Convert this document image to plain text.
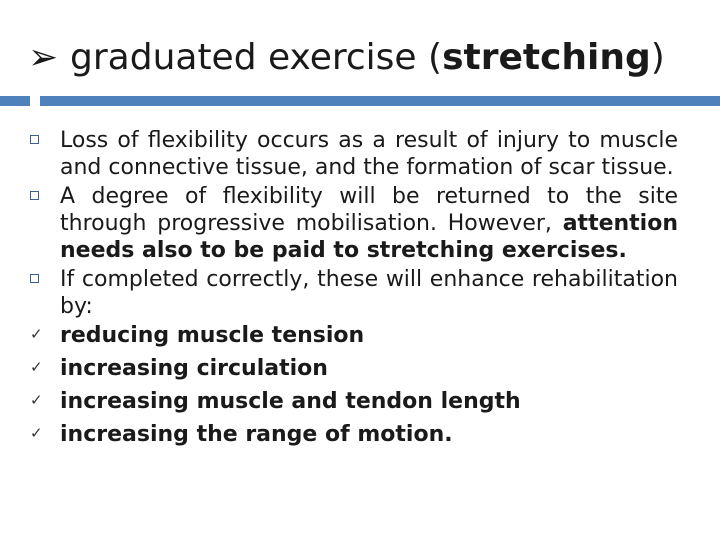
➢ graduated exercise (stretching)
Loss of flexibility occurs as a result of injury to muscle and connective tissue, and the formation of scar tissue.
A degree of flexibility will be returned to the site through progressive mobilisation. However, attention needs also to be paid to stretching exercises.
If completed correctly, these will enhance rehabilitation by:
✓ reducing muscle tension
✓ increasing circulation
✓ increasing muscle and tendon length
✓ increasing the range of motion.
